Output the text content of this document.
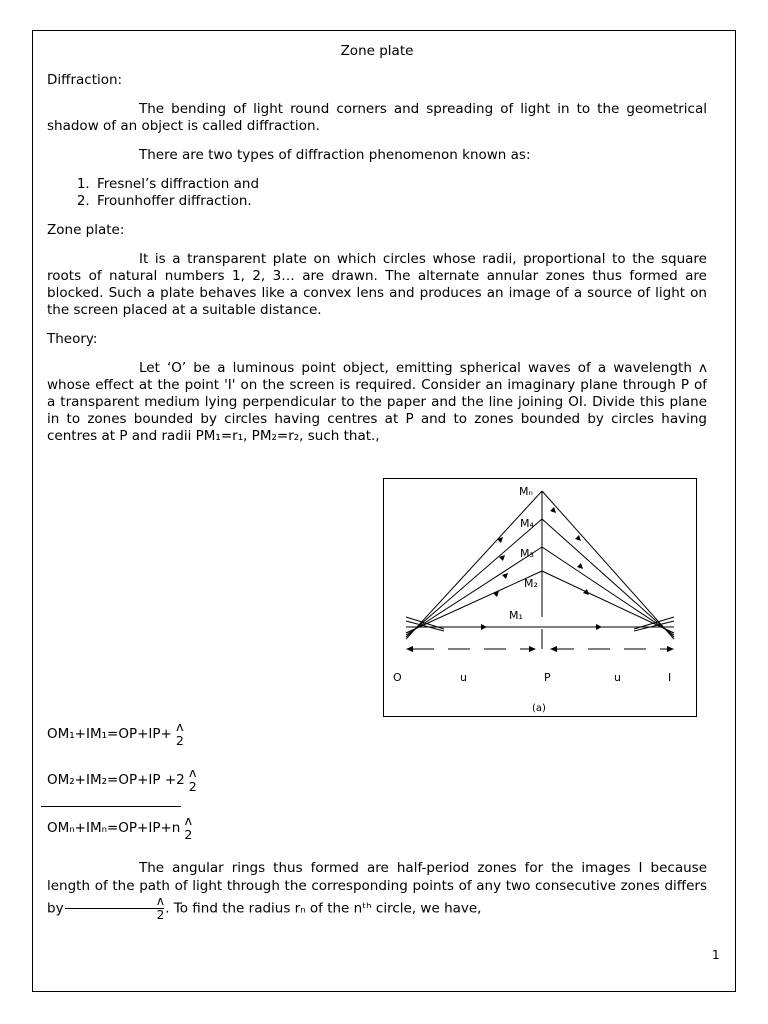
Zone plate

Diffraction:

The bending of light round corners and spreading of light in to the geometrical shadow of an object is called diffraction.

There are two types of diffraction phenomenon known as:

1. Fresnel’s diffraction and
2. Frounhoffer diffraction.

Zone plate:

It is a transparent plate on which circles whose radii, proportional to the square roots of natural numbers 1, 2, 3… are drawn. The alternate annular zones thus formed are blocked. Such a plate behaves like a convex lens and produces an image of a source of light on the screen placed at a suitable distance.

Theory:

Let ‘O’ be a luminous point object, emitting spherical waves of a wavelength ʌ whose effect at the point 'I' on the screen is required. Consider an imaginary plane through P of a transparent medium lying perpendicular to the paper and the line joining OI. Divide this plane in to zones bounded by circles having centres at P and to zones bounded by circles having centres at P and radii PM₁=r₁, PM₂=r₂, such that.,

Mₙ
M₄
M₃
M₂
M₁
O	u	P	u	I
(a)
OM₁+IM₁=OP+IP+ ʌ
2
OM₂+IM₂=OP+IP +2 ʌ
2
OMₙ+IMₙ=OP+IP+n ʌ
2

The angular rings thus formed are half-period zones for the images I because length of the path of light through the corresponding points of any two consecutive zones differs by $\frac{\text{ʌ}}{2}$ . To find the radius rₙ of the nᵗʰ circle, we have,

1
